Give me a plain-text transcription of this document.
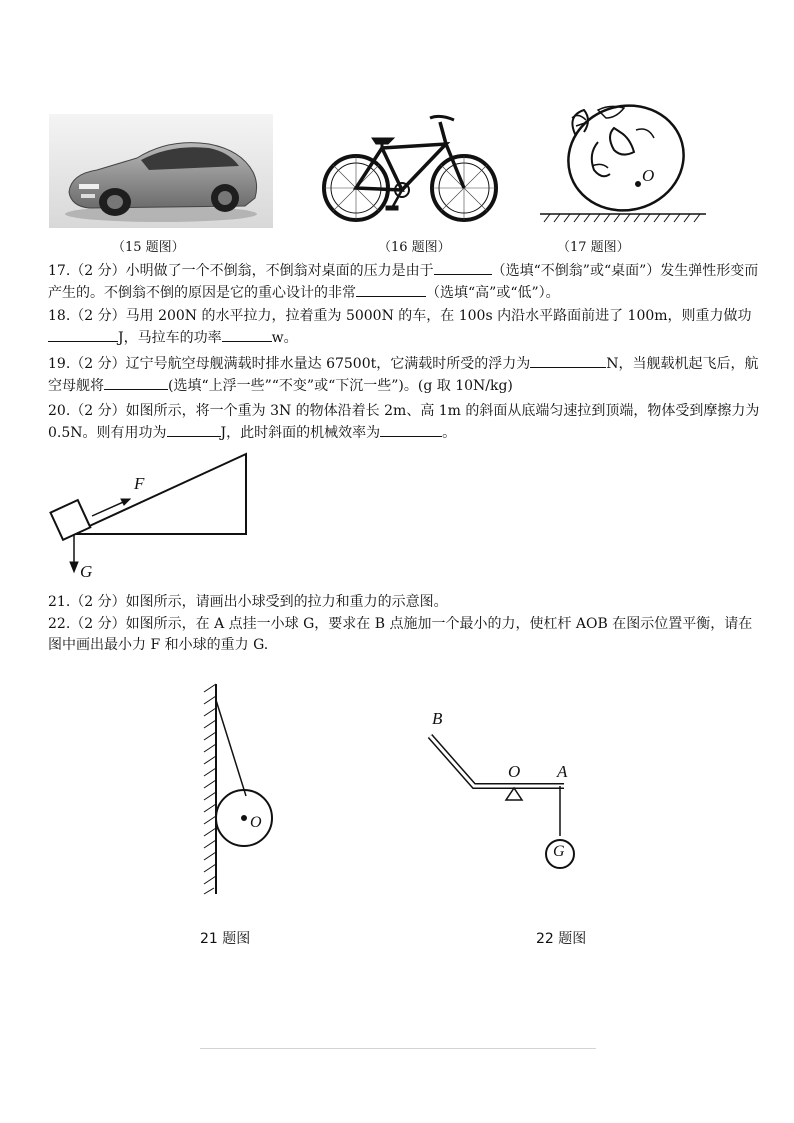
O
（15 题图）	（16 题图）	（17 题图）

17.（2 分）小明做了一个不倒翁，不倒翁对桌面的压力是由于	（选填“不倒翁”或“桌面”）发生弹性形变而产生的。不倒翁不倒的原因是它的重心设计的非常	（选填“高”或“低”）。

18.（2 分）马用 200N 的水平拉力，拉着重为 5000N 的车，在 100s 内沿水平路面前进了 100m，则重力做功J，马拉车的功率	w。

19.（2 分）辽宁号航空母舰满载时排水量达 67500t，它满载时所受的浮力为	N，当舰载机起飞后，航空母舰将	(选填“上浮一些”“不变”或“下沉一些”)。(g 取 10N/kg)

20.（2 分）如图所示，将一个重为 3N 的物体沿着长 2m、高 1m 的斜面从底端匀速拉到顶端，物体受到摩擦力为 0.5N。则有用功为	J，此时斜面的机械效率为	。

F
G

21.（2 分）如图所示，请画出小球受到的拉力和重力的示意图。

22.（2 分）如图所示，在 A 点挂一小球 G，要求在 B 点施加一个最小的力，使杠杆 AOB 在图示位置平衡，请在图中画出最小力 F 和小球的重力 G.

O
21 题图
B
O A
G
22 题图
